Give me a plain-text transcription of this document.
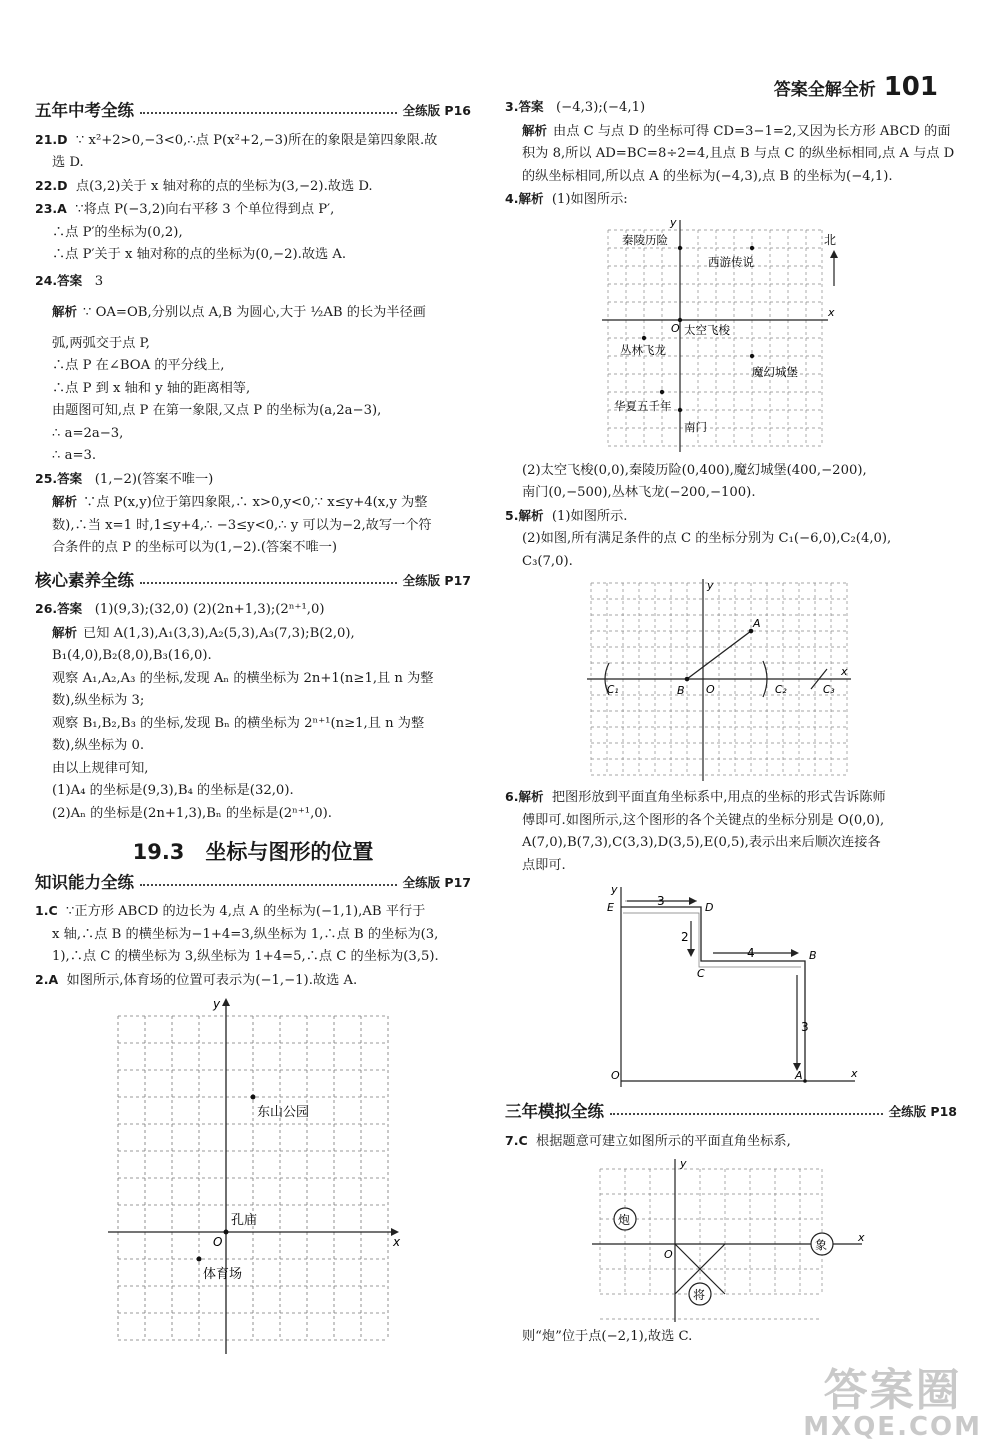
答案全解全析 101
五年中考全练	全练版 P16

21.D ∵ x²+2>0,−3<0,∴点 P(x²+2,−3)所在的象限是第四象限.故

选 D.

22.D 点(3,2)关于 x 轴对称的点的坐标为(3,−2).故选 D.

23.A ∵将点 P(−3,2)向右平移 3 个单位得到点 P′,

∴点 P′的坐标为(0,2),

∴点 P′关于 x 轴对称的点的坐标为(0,−2).故选 A.

24.答案 3

解析 ∵ OA=OB,分别以点 A,B 为圆心,大于 ½AB 的长为半径画

弧,两弧交于点 P,

∴点 P 在∠BOA 的平分线上,

∴点 P 到 x 轴和 y 轴的距离相等,

由题图可知,点 P 在第一象限,又点 P 的坐标为(a,2a−3),

∴ a=2a−3,

∴ a=3.

25.答案 (1,−2)(答案不唯一)

解析 ∵点 P(x,y)位于第四象限,∴ x>0,y<0,∵ x≤y+4(x,y 为整

数),∴当 x=1 时,1≤y+4,∴ −3≤y<0,∴ y 可以为−2,故写一个符

合条件的点 P 的坐标可以为(1,−2).(答案不唯一)

核心素养全练	全练版 P17

26.答案 (1)(9,3);(32,0) (2)(2n+1,3);(2ⁿ⁺¹,0)

解析 已知 A(1,3),A₁(3,3),A₂(5,3),A₃(7,3);B(2,0),

B₁(4,0),B₂(8,0),B₃(16,0).

观察 A₁,A₂,A₃ 的坐标,发现 Aₙ 的横坐标为 2n+1(n≥1,且 n 为整

数),纵坐标为 3;

观察 B₁,B₂,B₃ 的坐标,发现 Bₙ 的横坐标为 2ⁿ⁺¹(n≥1,且 n 为整

数),纵坐标为 0.

由以上规律可知,

(1)A₄ 的坐标是(9,3),B₄ 的坐标是(32,0).

(2)Aₙ 的坐标是(2n+1,3),Bₙ 的坐标是(2ⁿ⁺¹,0).

19.3　坐标与图形的位置
知识能力全练	全练版 P17

1.C ∵正方形 ABCD 的边长为 4,点 A 的坐标为(−1,1),AB 平行于

x 轴,∴点 B 的横坐标为−1+4=3,纵坐标为 1,∴点 B 的坐标为(3,

1),∴点 C 的横坐标为 3,纵坐标为 1+4=5,∴点 C 的坐标为(3,5).

2.A 如图所示,体育场的位置可表示为(−1,−1).故选 A.

x
y
O
东山公园
孔庙
体育场

3.答案 (−4,3);(−4,1)

解析 由点 C 与点 D 的坐标可得 CD=3−1=2,又因为长方形 ABCD 的面

积为 8,所以 AD=BC=8÷2=4,且点 B 与点 C 的纵坐标相同,点 A 与点 D

的纵坐标相同,所以点 A 的坐标为(−4,3),点 B 的坐标为(−4,1).

4.解析 (1)如图所示:

x
y
O
北
秦陵历险
西游传说
太空飞梭
丛林飞龙
魔幻城堡
华夏五千年
南门

(2)太空飞梭(0,0),秦陵历险(0,400),魔幻城堡(400,−200),

南门(0,−500),丛林飞龙(−200,−100).

5.解析 (1)如图所示.

(2)如图,所有满足条件的点 C 的坐标分别为 C₁(−6,0),C₂(4,0),

C₃(7,0).

x
y
O
A
B
C₁	C₂	C₃

6.解析 把图形放到平面直角坐标系中,用点的坐标的形式告诉陈师

傅即可.如图所示,这个图形的各个关键点的坐标分别是 O(0,0),

A(7,0),B(7,3),C(3,3),D(3,5),E(0,5),表示出来后顺次连接各

点即可.

x
y
O
E	D
C
B
A
3
2
4
3
三年模拟全练	全练版 P18

7.C 根据题意可建立如图所示的平面直角坐标系,

x
y
O
炮
象
将

则“炮”位于点(−2,1),故选 C.

答案圈
MXQE.COM
